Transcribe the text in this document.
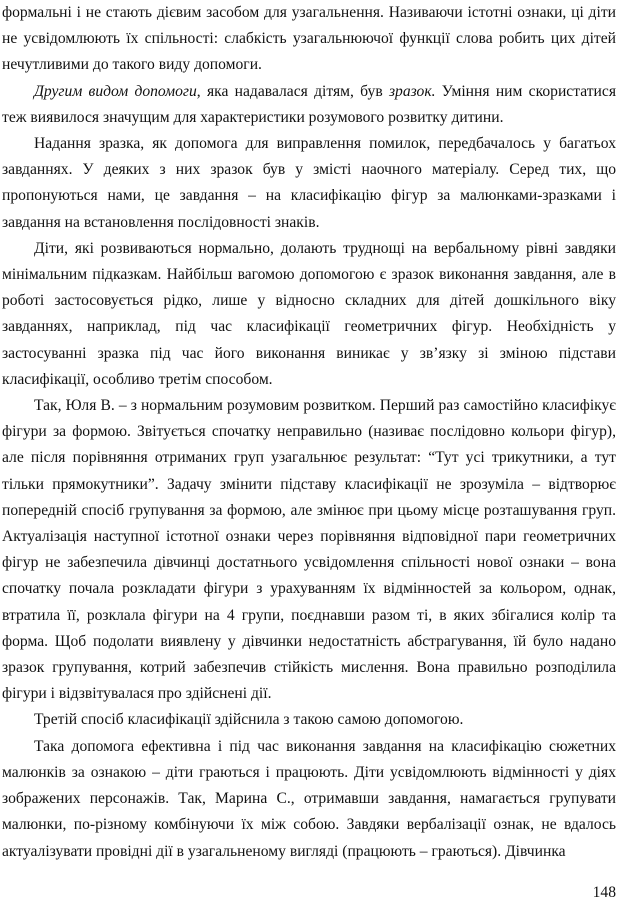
формальні і не стають дієвим засобом для узагальнення. Називаючи істотні ознаки, ці діти не усвідомлюють їх спільності: слабкість узагальнюючої функції слова робить цих дітей нечутливими до такого виду допомоги.

Другим видом допомоги, яка надавалася дітям, був зразок. Уміння ним скористатися теж виявилося значущим для характеристики розумового розвитку дитини.

Надання зразка, як допомога для виправлення помилок, передбачалось у багатьох завданнях. У деяких з них зразок був у змісті наочного матеріалу. Серед тих, що пропонуються нами, це завдання – на класифікацію фігур за малюнками-зразками і завдання на встановлення послідовності знаків.

Діти, які розвиваються нормально, долають труднощі на вербальному рівні завдяки мінімальним підказкам. Найбільш вагомою допомогою є зразок виконання завдання, але в роботі застосовується рідко, лише у відносно складних для дітей дошкільного віку завданнях, наприклад, під час класифікації геометричних фігур. Необхідність у застосуванні зразка під час його виконання виникає у зв’язку зі зміною підстави класифікації, особливо третім способом.

Так, Юля В. – з нормальним розумовим розвитком. Перший раз самостійно класифікує фігури за формою. Звітується спочатку неправильно (називає послідовно кольори фігур), але після порівняння отриманих груп узагальнює результат: “Тут усі трикутники, а тут тільки прямокутники”. Задачу змінити підставу класифікації не зрозуміла – відтворює попередній спосіб групування за формою, але змінює при цьому місце розташування груп. Актуалізація наступної істотної ознаки через порівняння відповідної пари геометричних фігур не забезпечила дівчинці достатнього усвідомлення спільності нової ознаки – вона спочатку почала розкладати фігури з урахуванням їх відмінностей за кольором, однак, втратила її, розклала фігури на 4 групи, поєднавши разом ті, в яких збігалися колір та форма. Щоб подолати виявлену у дівчинки недостатність абстрагування, їй було надано зразок групування, котрий забезпечив стійкість мислення. Вона правильно розподілила фігури і відзвітувалася про здійснені дії.

Третій спосіб класифікації здійснила з такою самою допомогою.

Така допомога ефективна і під час виконання завдання на класифікацію сюжетних малюнків за ознакою – діти граються і працюють. Діти усвідомлюють відмінності у діях зображених персонажів. Так, Марина С., отримавши завдання, намагається групувати малюнки, по-різному комбінуючи їх між собою. Завдяки вербалізації ознак, не вдалось актуалізувати провідні дії в узагальненому вигляді (працюють – граються). Дівчинка

148
